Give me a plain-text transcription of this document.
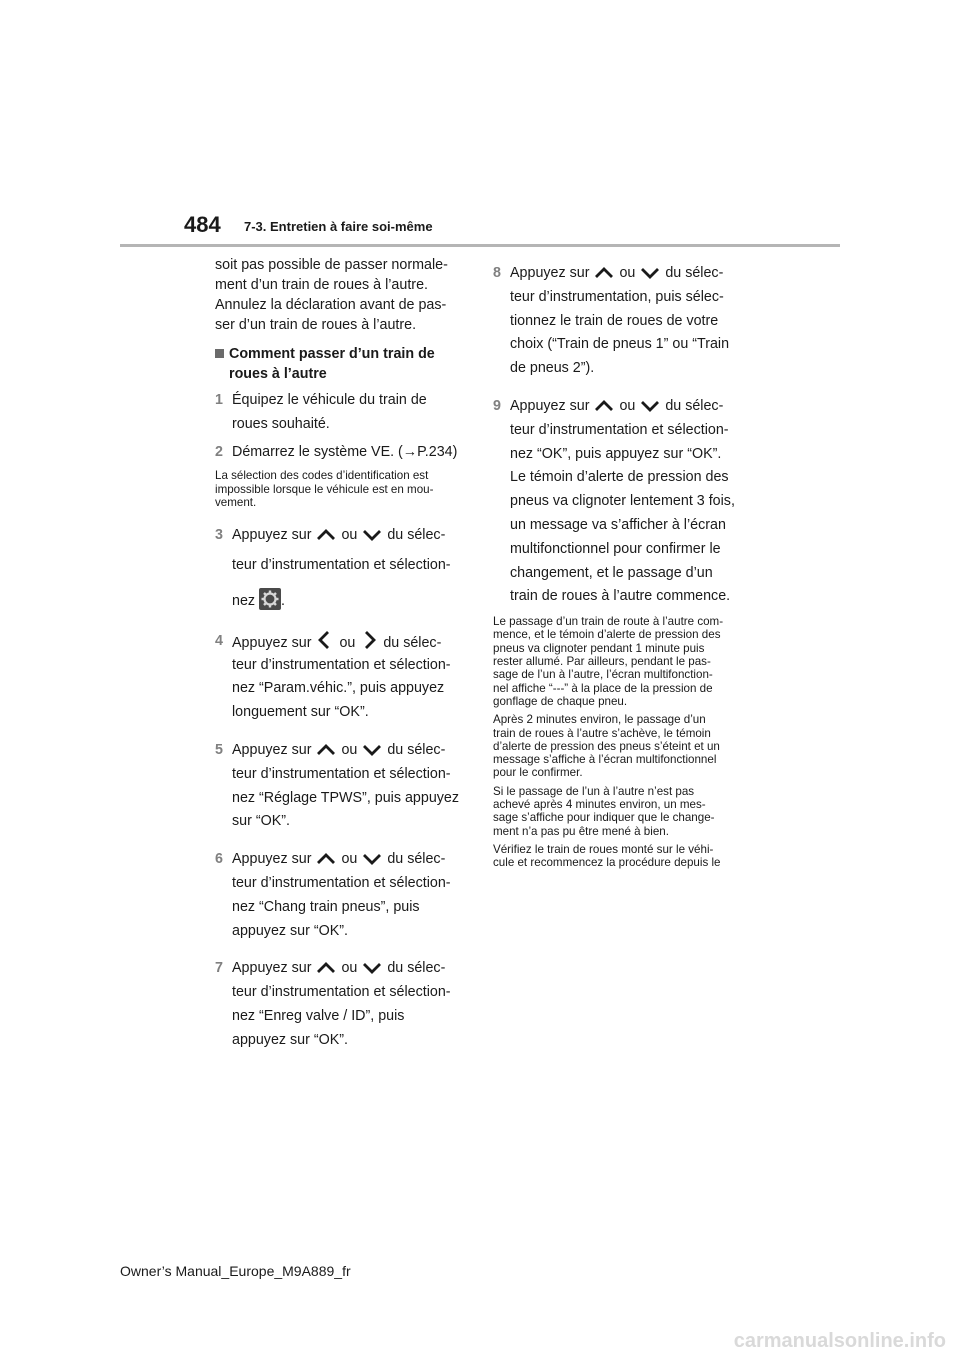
484 7-3. Entretien à faire soi-même

soit pas possible de passer normale-

ment d’un train de roues à l’autre.

Annulez la déclaration avant de pas-

ser d’un train de roues à l’autre.

Comment passer d’un train de
roues à l’autre
1 Équipez le véhicule du train de
roues souhaité.
2 Démarrez le système VE. (→P.234)

La sélection des codes d’identification est

impossible lorsque le véhicule est en mou-

vement.

3 Appuyez sur ou du sélec-
teur d’instrumentation et sélection-
nez .
4 Appuyez sur ou du sélec-
teur d’instrumentation et sélection-
nez “Param.véhic.”, puis appuyez
longuement sur “OK”.
5 Appuyez sur ou du sélec-
teur d’instrumentation et sélection-
nez “Réglage TPWS”, puis appuyez
sur “OK”.
6 Appuyez sur ou du sélec-
teur d’instrumentation et sélection-
nez “Chang train pneus”, puis
appuyez sur “OK”.
7 Appuyez sur ou du sélec-
teur d’instrumentation et sélection-
nez “Enreg valve / ID”, puis
appuyez sur “OK”.
8 Appuyez sur ou du sélec-
teur d’instrumentation, puis sélec-
tionnez le train de roues de votre
choix (“Train de pneus 1” ou “Train
de pneus 2”).
9 Appuyez sur ou du sélec-
teur d’instrumentation et sélection-
nez “OK”, puis appuyez sur “OK”.
Le témoin d’alerte de pression des
pneus va clignoter lentement 3 fois,
un message va s’afficher à l’écran
multifonctionnel pour confirmer le
changement, et le passage d’un
train de roues à l’autre commence.

Le passage d’un train de route à l’autre com-

mence, et le témoin d’alerte de pression des

pneus va clignoter pendant 1 minute puis

rester allumé. Par ailleurs, pendant le pas-

sage de l’un à l’autre, l’écran multifonction-

nel affiche “---” à la place de la pression de

gonflage de chaque pneu.

Après 2 minutes environ, le passage d’un

train de roues à l’autre s’achève, le témoin

d’alerte de pression des pneus s’éteint et un

message s’affiche à l’écran multifonctionnel

pour le confirmer.

Si le passage de l’un à l’autre n’est pas

achevé après 4 minutes environ, un mes-

sage s’affiche pour indiquer que le change-

ment n’a pas pu être mené à bien.

Vérifiez le train de roues monté sur le véhi-

cule et recommencez la procédure depuis le

Owner’s Manual_Europe_M9A889_fr
carmanualsonline.info
